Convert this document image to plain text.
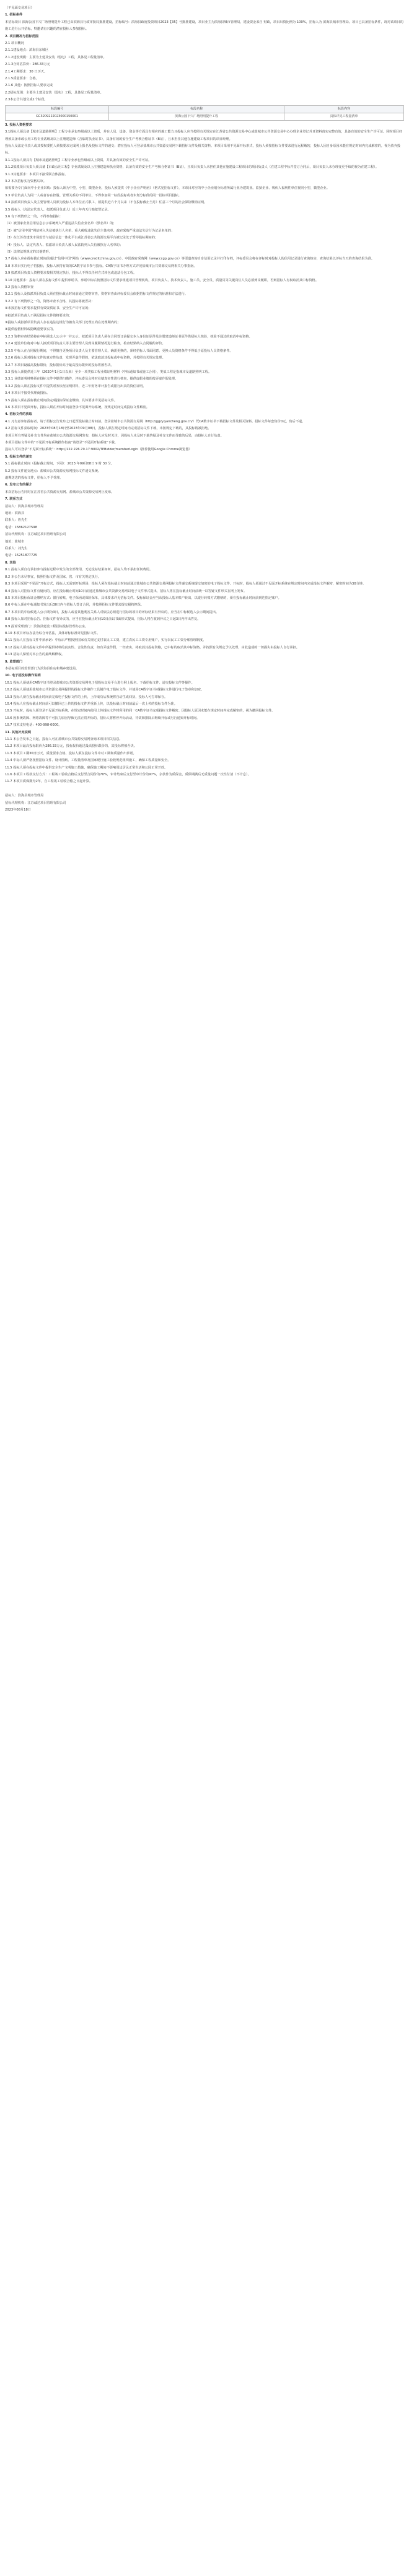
（不见面交易项目）

1. 招标条件

本招标项目 滨海公园下穴广场照明提升工程已由滨海县行政审批局批准建设，招标编号：滨海县政府投资项目2023【35】号批准建设，项目业主为滨海县城市管理局，建设资金来自 财政，项目出资比例为 100%，招标人为 滨海县城市管理局。项目已具备招标条件，现对该项目的施工进行公开招标，特邀请有兴趣的潜在投标人参加投标。

2. 项目概况与招标范围

2.1 项目概况

2.1.1建设地点：滨海县东城区

2.1.2建设规模：主要为土建及安装（弱电）工程，具体见工程量清单。

2.1.3合同估算价：286.33万元

2.1.4工期要求：30 日历天。

2.1.5质量要求：合格。

2.1.6 其他：按照招标人要求完成

2.2招标范围：主要为土建及安装（弱电）工程，具体见工程量清单。

2.3本公告共划分成1个标段。

标段编号	标段名称	标段内容
GC3209222023000150001	滨海公园下穴广场照明提升工程	具体详见工程量清单

3. 投标人资格要求

3.1投标人须具备【城市及道路照明】工程专业承包叁级或以上资质，并在人员、设备、资金等方面具有相应的施工能力且投标人应当按照有关规定在江苏省公共资源交易中心或盐城市公共资源交易中心办理企业登记并且资料真实完整有效，具备有效的安全生产许可证。同时项目经理须具备市政公用工程专业贰级及以上注册建造师（含临时执业证书），具备有效的安全生产考核合格证书（B证），且未担任其他在施建设工程项目的项目经理。

投标人及法定代表人或其授权委托人须按要求完成网上报名及投标文件的递交；潜在投标人可登录盐城市公共资源交易网下载招标文件及相关资料。本项目采用不见面开标形式，投标人须按招标文件要求进行远程解密，投标人因自身原因未能在规定时间内完成解密的，视为放弃投标。

3.1.1投标人须具有【城市及道路照明】工程专业承包叁级或以上资质，并具备有效的安全生产许可证。

3.1.2拟派项目负责人须具备【市政公用工程】专业贰级及以上注册建造师执业资格，具备有效的安全生产考核合格证书（B证），且项目负责人未担任其他在施建设工程项目的项目负责人（在建工程中标并签订合同后，项目负责人未办理变更手续的视为在建工程）。

3.1.3其他要求：本项目不接受联合体投标。

3.2 本次招标实行资格后审。

如需要为专门面向中小企业采购：投标人须为中型、小型、微型企业，投标人须提供《中小企业声明函》（格式见招标文件），本项目对应的中小企业划分标准所属行业为建筑业。监狱企业、残疾人福利性单位视同小型、微型企业。

3.3 单位负责人为同一人或者存在控股、管理关系的不同单位，不得参加同一标段投标或者未划分标段的同一招标项目投标。

3.4 拟派项目负责人及主要管理人员须为投标人本单位正式职工，须提供近六个月以来（不含投标截止当月）任意三个月的社会保险缴纳证明。

3.5 投标人（含法定代表人、拟派项目负责人）近三年内无行贿犯罪记录。

3.6 有下列情形之一的，不得参加投标：

（1）被国家企业信用信息公示系统列入严重违法失信企业名单（黑名单）的；

（2）被“信用中国”网站列入失信被执行人名单、重大税收违法失信主体名单、政府采购严重违法失信行为记录名单的；

（3）在江苏省建筑市场监管与诚信信息一体化平台或江苏省公共资源交易平台被记录处于暂停投标期间的；

（4）投标人、法定代表人、拟派项目负责人被人民法院列入失信被执行人名单的；

（5）法律法规规定的其他情形。

3.7 投标人应在投标截止时间前通过“信用中国”网站（www.creditchina.gov.cn）、中国政府采购网（www.ccgp.gov.cn）等渠道查询自身信用记录并打印存档，评标委员会将在评标时对投标人的信用记录进行查询核实，查询结果以评标当天的查询结果为准。

3.8 本项目实行电子招投标，投标人须持有效的CA数字证书参与投标。CA数字证书办理方式详见盐城市公共资源交易网相关办事指南。

3.9 拟派项目负责人资格要求按相关规定执行，投标人不得以任何方式转包或违法分包工程。

3.10 其他要求：投标人须在投标文件中提供承诺书，承诺中标后按照招标文件要求组建项目管理机构，项目负责人、技术负责人、施工员、安全员、质量员等关键岗位人员必须到岗履职，否则招标人有权取消其中标资格。

3.2 投标人资格审查

3.2.1 投标人及拟派项目负责人须在投标截止时间前通过资格审查，资格审查由评标委员会依据招标文件规定的标准和方法进行。

3.2.2 有下列情形之一的，资格审查不合格，其投标将被否决：

①未按招标文件要求提供有效资质证书、安全生产许可证的；

②拟派项目负责人不满足招标文件资格要求的；

③投标人或拟派项目负责人存在违法违规行为被有关部门处理且尚在处理期内的；

④提供虚假材料或隐瞒重要事实的。

3.2.3 资格审查结果将在中标候选人公示中一并公示。拟派项目负责人须在合同签订前提交本人身份证原件及注册建造师证书原件供招标人核验，核验不通过的取消中标资格。

3.2.4 建设单位将对中标人拟派项目负责人等主要管理人员到岗履职情况进行检查，检查结果纳入合同履约评价。

3.2.5 中标人在合同履行期间，不得擅自更换项目负责人及主要管理人员，确需更换的，须经招标人书面同意，更换人员资格条件不得低于原投标人员资格条件。

3.2.6 投标人须对投标文件的真实性负责，发现弄虚作假的，依法取消其投标或中标资格，并按照有关规定处理。

3.2.7 本项目设最高投标限价，投标报价高于最高投标限价的投标将被否决。

3.3 投标人须提供近三年（2020年1月1日以来）至少一项类似工程业绩证明材料（中标通知书或施工合同），类似工程是指城市及道路照明工程。

3.3.1 业绩证明材料须在投标文件中提供扫描件，评标委员会将对业绩真实性进行核查，提供虚假业绩的按弄虚作假处理。

3.3.2 投标人须在投标文件中提供财务状况证明材料，近三年财务审计报告或银行出具的资信证明。

3.4 本项目不接受代理商投标。

3.5 投标人须在投标截止时间前完成投标保证金缴纳，具体要求详见招标文件。

3.6 本项目不见面开标，投标人须在开标时间前登录不见面开标系统，按规定时间完成投标文件解密。

4. 招标文件的获取

4.1 凡有意参加投标者，请于招标公告发布之日起至投标截止时间前，登录盐城市公共资源交易网（http://ggzy.yancheng.gov.cn/）凭CA数字证书下载招标文件及相关资料。招标文件每套售价0元，售后不退。

4.2 招标文件获取时间：2023年08月18日至2023年09月08日，投标人须在规定时间内完成招标文件下载，未按规定下载的，其投标将被拒绝。

本项目所有答疑及补充文件均在盐城市公共资源交易网发布，投标人应及时关注，因投标人未及时下载答疑及补充文件而导致的后果，由投标人自行负责。

本项目招标文件中的“不见面开标系统操作指南”请登录“不见面开标系统”下载。

投标人可以登录“不见面开标系统”：http://122.226.70.17:9002/TPBidder/memberLogin（推荐使用Google Chrome浏览器）

5. 投标文件的递交

5.1 投标截止时间（投标截止时间，下同）：2023 年09月08日 9 时 30 分。

5.2 投标文件递交地点：盐城市公共资源交易网投标文件递交系统。

逾期送达的投标文件，招标人不予受理。

6. 发布公告的媒介

本次招标公告同时在江苏省公共资源交易网、盐城市公共资源交易网上发布。

7. 联系方式

招标人：滨海县城市管理局

地址：滨海县

联系人：詹先生

电话：15862127598

招标代理机构：江苏诚达项目管理有限公司

地址：盐城市

联系人：刘先生

电话：15251877725

8. 其他

8.1 投标人须自行承担参与投标过程中发生的全部费用，无论投标结果如何，招标人均不承担任何费用。

8.2 本公告未尽事宜，按照招标文件及国家、省、市有关规定执行。

8.3 本项目采用“不见面”开标方式，投标人无需到开标现场，投标人须在投标截止时间前通过盐城市公共资源交易网投标文件递交系统提交加密的电子投标文件。开标时，投标人须通过不见面开标系统在规定时间内完成投标文件解密，解密时间为30分钟。

8.4 投标人对招标文件有疑问的，应在投标截止时间10日前通过盐城市公共资源交易网以电子文件形式提出，招标人将在投标截止时间前统一以答疑文件形式在网上发布。

8.5 本项目投标保证金缴纳方式：银行转账、电子保函或保险保单，具体要求详见招标文件。投标保证金应当从投标人基本账户转出，以银行转账方式缴纳的，须在投标截止时间前到达指定账户。

8.6 中标人须在中标通知书发出后30日内与招标人签订合同，并按照招标文件要求提交履约担保。

8.7 本项目的中标候选人公示期为3日，投标人或者其他利害关系人对依法必须进行招标的项目的评标结果有异议的，应当在中标候选人公示期间提出。

8.8 投标人如对招标公告、招标文件有异议的，应当在投标截止时间10日前以书面形式提出，招标人将在收到异议之日起3日内作出答复。

8.9 投诉受理部门：滨海县建设工程招标投标管理办公室。

8.10 本项目评标办法为综合评估法，具体评标标准详见招标文件。

8.11 投标人在投标文件中须承诺：中标后严格按照国家有关规定支付农民工工资，建立农民工工资专用账户，实行农民工工资分账管理制度。

8.12 投标人须对投标文件中所提供材料的真实性、合法性负责，如有弄虚作假，一经查实，将取消其投标资格，已中标的取消其中标资格，并按照有关规定予以处理，由此造成的一切损失由投标人自行承担。

8.13 招标人保留对本公告的最终解释权。

9. 监督部门

本招标项目的监督部门为滨海县住房和城乡建设局。

10. 电子招投标操作说明

10.1 投标人须使用CA数字证书登录盐城市公共资源交易网电子招投标交易平台进行网上报名、下载招标文件、递交投标文件等操作。

10.2 投标人须使用盐城市公共资源交易网提供的投标文件制作工具制作电子投标文件，并使用CA数字证书对投标文件进行电子签章和加密。

10.3 投标人须在投标截止时间前完成电子投标文件的上传，上传成功后系统将自动生成回执，投标人可打印保存。

10.4 投标人在投标截止时间前可以撤回已上传的投标文件并重新上传，以投标截止时间前最后一次上传的投标文件为准。

10.5 开标时，投标人须登录不见面开标系统，在规定时间内使用上传投标文件时所用的同一CA数字证书完成投标文件解密。因投标人原因未能在规定时间内完成解密的，视为撤回投标文件。

10.6 因系统故障、网络故障等不可抗力原因导致无法正常开标的，招标人将暂停开标活动，待故障排除后继续开标或另行通知开标时间。

10.7 技术支持电话：400-998-0000。

11. 其他补充说明

11.1 本公告发布之日起，投标人可在盐城市公共资源交易网查询本项目相关信息。

11.2 本项目最高投标限价为286.33万元，投标报价超过最高投标限价的，其投标将被否决。

11.3 本项目工期30日历天，质量要求合格，投标人须在投标文件中对工期和质量作出承诺。

11.4 中标人须严格按照招标文件、设计图纸、工程量清单及国家现行施工验收规范组织施工，确保工程质量和安全。

11.5 投标人须在投标文件中提供安全生产文明施工措施，确保施工期间不影响周边居民正常生活和公园正常开放。

11.6 本项目工程款支付方式：工程竣工验收合格后支付至合同价的70%，审计结束后支付至审计价的97%，余款作为质保金，质保期满后无质量问题一次性付清（不计息）。

11.7 本项目质保期为2年，自工程竣工验收合格之日起计算。

招标人：滨海县城市管理局

招标代理机构：江苏诚达项目管理有限公司

2023年08月18日
